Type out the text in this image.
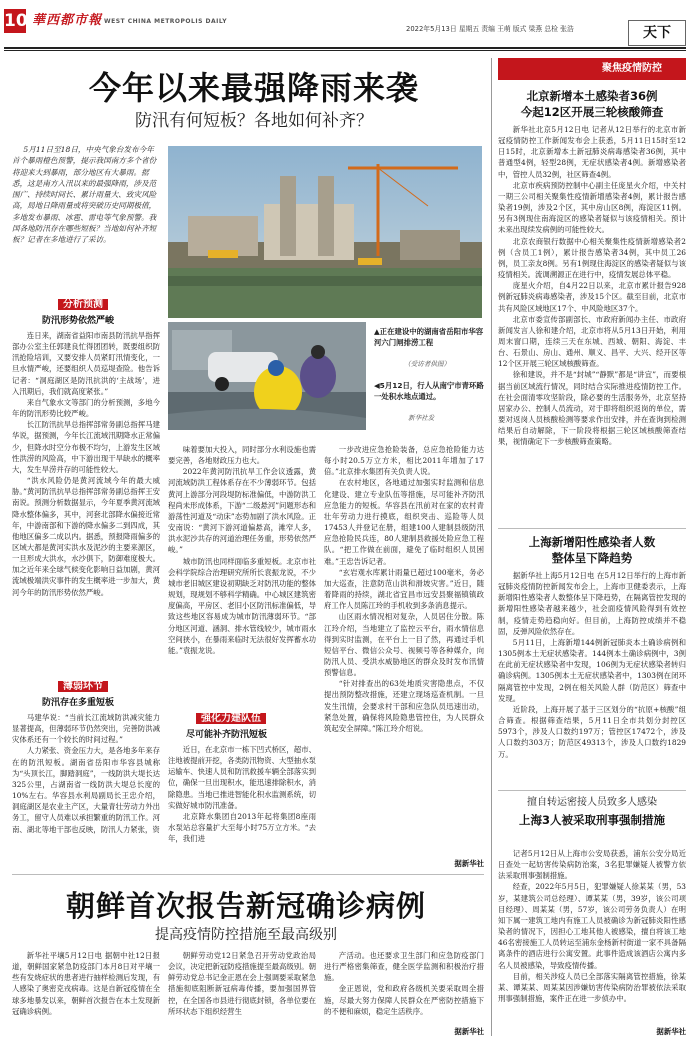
10 華西都市報 WEST CHINA METROPOLIS DAILY
2022年5月13日 星期五 责编 王萌 版式 梁燕 总检 张浩	天下
今年以来最强降雨来袭
防汛有何短板？各地如何补齐？
5月11日至18日，中央气象台发布今年首个暴雨橙色预警，提示我国南方多个省份将迎来大到暴雨，部分地区有大暴雨。据悉，这是南方入汛以来的最强降雨，涉及范围广、持续时间长、累计雨量大、致灾风险高，局地日降雨量或将突破历史同期极值，多地发布暴雨、冰雹、雷电等气象预警。我国各地防汛存在哪些短板？当地如何补齐短板？记者在多地进行了采访。
▲正在建设中的湖南省岳阳市华容河六门闸排涝工程
（受访者供图）
◀5月12日，行人从南宁市青环路一处积水地点通过。
新华社发
分析预测
防汛形势依然严峻

连日来，湖南省益阳市南县防汛抗旱指挥部办公室主任郭建良忙得团团转，既要组织防汛抢险培训，又要安排人员紧盯汛情变化，一旦水情严峻，还要组织人员巡堤查险。他告诉记者：“洞庭湖区是防汛抗洪的‘主战场’，进入汛期后，我们就高度紧张。”

来自气象水文等部门的分析预测，多地今年的防汛形势比较严峻。

长江防汛抗旱总指挥部常务副总指挥马建华说，据预测，今年长江流域汛期降水正常偏少，但降水时空分布极不均匀，上游发生区域性洪涝的风险高，中下游出现干旱缺水的概率大，发生旱涝并存的可能性较大。

“洪水风险仍是黄河流域今年的最大威胁。”黄河防汛抗旱总指挥部常务副总指挥王安南说。预测分析数据显示，今年夏季黄河流域降水整体偏多，其中，河套北部降水偏接近常年，中游南部和下游的降水偏多二到四成，其他地区偏多二成以内。据悉，预报降雨偏多的区域大都是黄河实洪水及泥沙的主要来源区，一旦形成大洪水，水沙俱下，防御难度极大。加之近年来全球气候变化影响日益加剧，黄河流域极端洪灾事件的发生概率进一步加大，黄河今年的防汛形势依然严峻。

薄弱环节
防汛存在多重短板

马建华说：“当前长江流域防洪减灾能力显著提高，但薄弱环节仍然突出，完善防洪减灾体系还有一个较长的时间过程。”

人力紧张、资金压力大，是各地多年来存在的防汛短板。湖南省岳阳市华容县城称为“头顶长江，脚踏洞庭”，一线防洪大堤长达325公里，占湖南省一线防洪大堤总长度的10%左右。华容县水利局副局长王忠介绍，洞庭湖区是农业主产区，大量青壮劳动力外出务工，留守人员难以承担繁重的防汛工作。河南、湖北等地干部也反映，防汛人力紧张，资

味着要加大投入，同时部分水利设施也需要完善，各地财政压力也大。

2022年黄河防汛抗旱工作会议透露，黄河流域防洪工程体系存在不少薄弱环节。包括黄河上游部分河段堤防标准偏低，中游防洪工程尚未形成体系，下游“二级悬河”问题形态和游荡性河道及“动床”态势加剧了洪水风险。正安南说：“黄河下游河道偏悬高，滩窄人多，洪水泥沙共存的河道治理任务重，形势依然严峻。”

城市防汛也同样面临多重短板。北京市社会科学院综合治理研究所所长袁振龙说，不少城市老旧城区建设初期缺乏对防汛功能的整体规划，现规划不够科学精确。中心城区建筑密度偏高，平房区、老旧小区防汛标准偏低，导致这些地区容易成为城市防汛薄弱环节。“部分地区河道、涵洞、排水管线较少，城市雨水空间狭小，在暴雨来临时无法很好发挥蓄水功能。”袁振龙说。

强化力建队伍
尽可能补齐防汛短板

近日，在北京市一栋下凹式桥区，超市、注地被提前开挖，各类防汛物资、大型抽水泵运输车、快速人员和防汛救援车辆全部落实到位，确保一旦出现积水，能迅速排除积水，消除隐患。当地已推进智能化积水监测系统，切实做好城市防汛准备。

北京降水集团自2013年起将集团8座雨水泵站总容量扩大至每小时75万立方米。“去年，我们进

一步改进应急抢险装备，总应急抢险能力达每小时20.5万立方米，相比2011年增加了17倍。”北京排水集团有关负责人说。

在农村地区，各地通过加强实时监测和信息化建设、建立专业队伍等措施，尽可能补齐防汛应急能力的短板。华容县在汛前对在家的农村青壮年劳动力进行摸底，组织突击、巡险等人员17453人并登记在册，组建100人建制县级防汛应急抢险民兵连，80人建制县救援处险应急工程队。“把工作做在前面，避免了临时组织人员困难。”王忠告诉记者。

“玄岩观水库累计雨量已超过100毫米，务必加大巡查，注意防范山洪和滑坡灾害。”近日，随着降雨的持续，湖北省宜昌市远安县聚福镇镇政府工作人员陈江玲的手机收到多条消息提示。

山区雨水情况相对复杂，人员居住分散。陈江玲介绍，当地建立了监控云平台，雨水情信息得到实时监测，在平台上一目了然，再通过手机短信平台、微信公众号、视频号等各种媒介，向防汛人员、受洪水威胁地区的群众及时发布汛情预警信息。

“针对排查出的63处地质灾害隐患点，不仅提出预防整改措施，还建立现场巡查机制。一旦发生汛情，会要求村干部和应急队员迅速出动，紧急处置，确保将风险隐患管控住，为人民群众筑起安全屏障。”陈江玲介绍说。

据新华社
朝鲜首次报告新冠确诊病例
提高疫情防控措施至最高级别

新华社平壤5月12日电 据朝中社12日报道，朝鲜国家紧急防疫部门本月8日对平壤一些有发烧症状的患者进行抽样检测后发现，有人感染了奥密克戎病毒。这是自新冠疫情在全球多地暴发以来，朝鲜首次报告在本土发现新冠确诊病例。

朝鲜劳动党12日紧急召开劳动党政治局会议，决定把新冠防疫措施提至最高级别。朝鲜劳动党总书记金正恩在会上强调要采取紧急措施彻底阻断新冠病毒传播，要加强国界管控，在全国各市县进行彻底封锁，各单位要在所环状态下组织经营生

产活动。也还要求卫生部门和应急防疫部门进行严格密集筛查，健全医学监测和积极治疗措施。

金正恩说，党和政府各级机关要采取周全措施，尽最大努力保障人民群众在严密防控措施下的不便和麻烦，稳定生活秩序。

据新华社
聚焦疫情防控
北京新增本土感染者36例
今起12区开展三轮核酸筛查

新华社北京5月12日电 记者从12日举行的北京市新冠疫情防控工作新闻发布会上获悉，5月11日15时至12日15时，北京新增本土新冠肺炎病毒感染者36例，其中普通型4例，轻型28例，无症状感染者4例。新增感染者中，管控人员32例，社区筛查4例。

北京市疾病预防控制中心副主任庞星火介绍，中关村一期三公司相关聚集性疫情新增感染者4例，累计报告感染者19例，涉及2个区，其中房山区8例，海淀区11例。另有3例现住南海淀区的感染者疑似与该疫情相关。预计未来出现续发病例的可能性较大。

北京农商银行数据中心相关聚集性疫情新增感染者2例（含员工1例），累计报告感染者34例，其中员工26例，员工亲友8例。另有1例现住海淀区的感染者疑似与该疫情相关。流调溯源正在进行中，疫情发展总体平稳。

庞星火介绍，自4月22日以来，北京市累计报告928例新冠肺炎病毒感染者，涉及15个区。截至目前，北京市共有风险区域地区17个、中风险地区37个。

北京市委宣传部副部长、市政府新闻办主任、市政府新闻发言人徐和建介绍，北京市将从5月13日开始，利用周末窗口期，连续三天在东城、西城、朝阳、海淀、丰台、石景山、房山、通州、顺义、昌平、大兴、经开区等12个区开展三轮区域核酸筛查。

徐和建说，并不是“封城”“静默”都是“讲宜”，而要根据当前区域流行情况，同时结合实际推进疫情防控工作。在社会面清零攻坚阶段，除必要的生活服务外，北京坚持居家办公、控制人员流动，对于即将组织返岗的单位，需要对返岗人员核酸检测等要求作出安排，并在查询到检测结果后自动解除，下一阶段将根据三轮区域核酸筛查结果，视情确定下一步核酸筛查策略。

上海新增阳性感染者人数
整体呈下降趋势

据新华社上海5月12日电 在5月12日举行的上海市新冠肺炎疫情防控新闻发布会上，上海市卫健委表示，上海新增阳性感染者人数整体呈下降趋势，在隔离管控发现的新增阳性感染者越来越少，社会面疫情风险得到有效控制，疫情走势趋稳向好。但目前，上海防控成绩并不稳固，反弹风险依然存在。

5月11日，上海新增144例新冠肺炎本土确诊病例和1305例本土无症状感染者。144例本土确诊病例中，3例在此前无症状感染者中发现，106例为无症状感染者转归确诊病例。1305例本土无症状感染者中，1303例在闭环隔离管控中发现，2例在相关风险人群（防范区）筛查中发现。

近阶段，上海开展了基于三区划分的“抗原+核酸”组合筛查。根据筛查结果，5月11日全市共划分封控区5973个，涉及人口数约197万；管控区17472个，涉及人口数约303万；防范区49313个，涉及人口数约1829万。

擅自转运密接人员致多人感染
上海3人被采取刑事强制措施

记者5月12日从上海市公安局获悉，浦东公安分局近日查处一起妨害传染病防治案，3名犯罪嫌疑人被警方依法采取刑事强制措施。

经查，2022年5月5日，犯罪嫌疑人徐某某（男，53岁，某建筑公司总经理）、谭某某（男，39岁，该公司项目经理）、周某某（男，57岁，该公司劳务负责人）在明知下属一建筑工地内有施工人员被确诊为新冠肺炎阳性感染者的情况下，因担心工地其他人被感染，擅自将该工地46名密接施工人员转运至浦东金杨新村街道一家不具备隔离条件的酒店进行公寓安置。此事件造成该酒店公寓内多名人员被感染，导致疫情传播。

目前，相关涉疫人员已全部落实隔离管控措施，徐某某、谭某某、周某某因涉嫌妨害传染病防治罪被依法采取刑事强制措施，案件正在进一步侦办中。

据新华社
